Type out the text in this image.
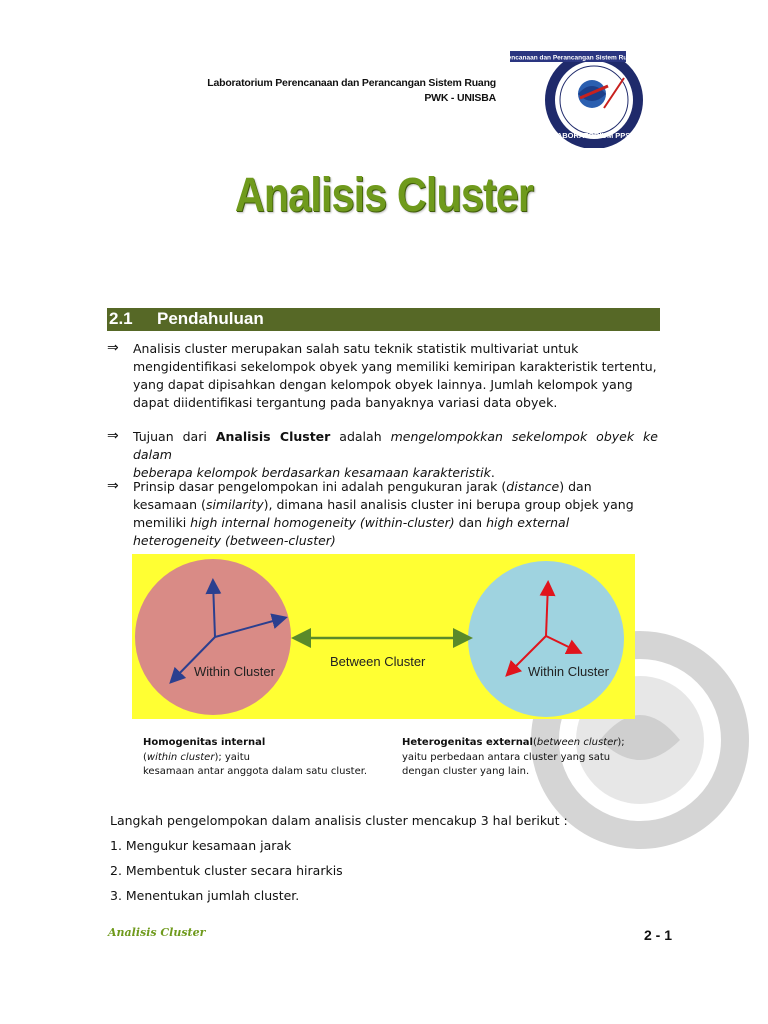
Laboratorium Perencanaan dan Perancangan Sistem Ruang
PWK - UNISBA
Perencanaan dan Perancangan Sistem Ruang
LABORATORIUM PPSR
Analisis Cluster
2.1 Pendahuluan
⇒ Analisis cluster merupakan salah satu teknik statistik multivariat untuk
mengidentifikasi sekelompok obyek yang memiliki kemiripan karakteristik tertentu,
yang dapat dipisahkan dengan kelompok obyek lainnya. Jumlah kelompok yang
dapat diidentifikasi tergantung pada banyaknya variasi data obyek.
⇒ Tujuan dari Analisis Cluster adalah mengelompokkan sekelompok obyek ke dalam
beberapa kelompok berdasarkan kesamaan karakteristik.
⇒ Prinsip dasar pengelompokan ini adalah pengukuran jarak (distance) dan
kesamaan (similarity), dimana hasil analisis cluster ini berupa group objek yang
memiliki high internal homogeneity (within-cluster) dan high external
heterogeneity (between-cluster)
Within Cluster
Between Cluster
Within Cluster
Homogenitas internal
(within cluster); yaitu
kesamaan antar anggota dalam satu cluster.
Heterogenitas external(between cluster);
yaitu perbedaan antara cluster yang satu
dengan cluster yang lain.
Langkah pengelompokan dalam analisis cluster mencakup 3 hal berikut :
1. Mengukur kesamaan jarak
2. Membentuk cluster secara hirarkis
3. Menentukan jumlah cluster.
Analisis Cluster	2 - 1
